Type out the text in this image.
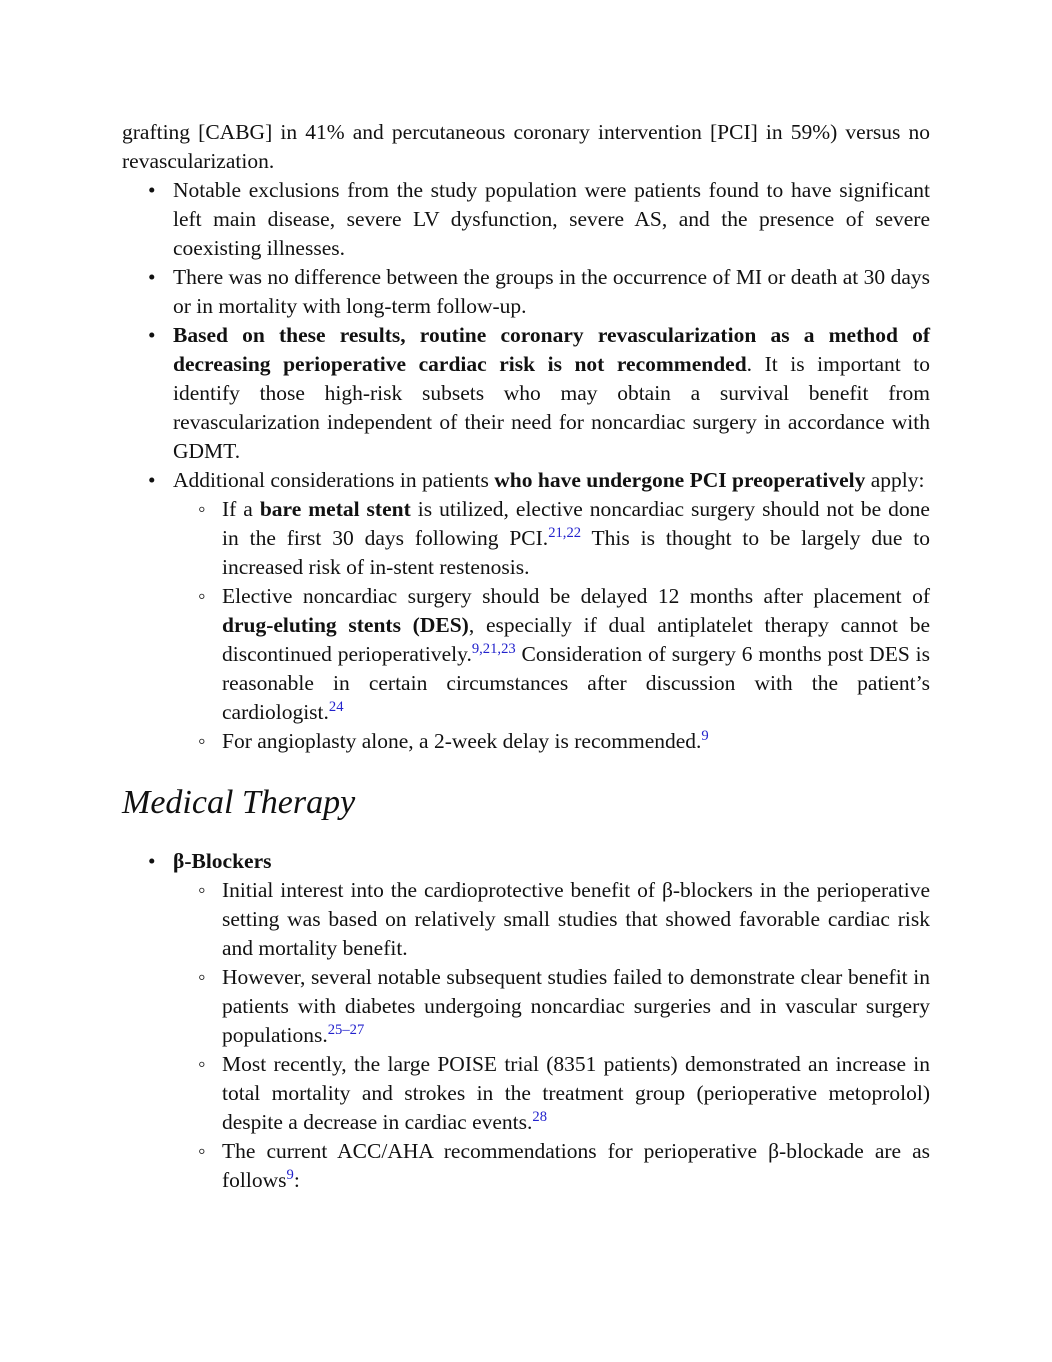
grafting [CABG] in 41% and percutaneous coronary intervention [PCI] in 59%) versus no revascularization.
• Notable exclusions from the study population were patients found to have significant left main disease, severe LV dysfunction, severe AS, and the presence of severe coexisting illnesses.
• There was no difference between the groups in the occurrence of MI or death at 30 days or in mortality with long-term follow-up.
• Based on these results, routine coronary revascularization as a method of decreasing perioperative cardiac risk is not recommended. It is important to identify those high-risk subsets who may obtain a survival benefit from revascularization independent of their need for noncardiac surgery in accordance with GDMT.
• Additional considerations in patients who have undergone PCI preoperatively apply:
◦ If a bare metal stent is utilized, elective noncardiac surgery should not be done in the first 30 days following PCI.$^{21,22}$ This is thought to be largely due to increased risk of in-stent restenosis.
◦ Elective noncardiac surgery should be delayed 12 months after placement of drug-eluting stents (DES), especially if dual antiplatelet therapy cannot be discontinued perioperatively.$^{9,21,23}$ Consideration of surgery 6 months post DES is reasonable in certain circumstances after discussion with the patient’s cardiologist.$^{24}$
◦ For angioplasty alone, a 2-week delay is recommended.$^9$
Medical Therapy
• β-Blockers
◦ Initial interest into the cardioprotective benefit of β-blockers in the perioperative setting was based on relatively small studies that showed favorable cardiac risk and mortality benefit.
◦ However, several notable subsequent studies failed to demonstrate clear benefit in patients with diabetes undergoing noncardiac surgeries and in vascular surgery populations.$^{25-27}$
◦ Most recently, the large POISE trial (8351 patients) demonstrated an increase in total mortality and strokes in the treatment group (perioperative metoprolol) despite a decrease in cardiac events.$^{28}$
◦ The current ACC/AHA recommendations for perioperative β-blockade are as follows$^9$:
